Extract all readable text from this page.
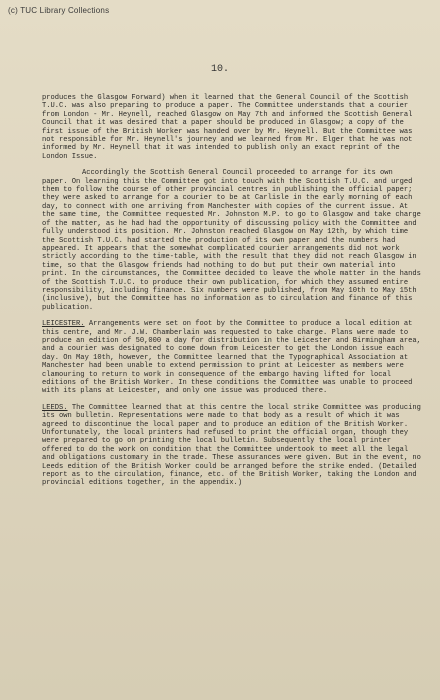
(c) TUC Library Collections
10.

produces the Glasgow Forward) when it learned that the General Council of the Scottish T.U.C. was also preparing to produce a paper. The Committee understands that a courier from London - Mr. Heynell, reached Glasgow on May 7th and informed the Scottish General Council that it was desired that a paper should be produced in Glasgow; a copy of the first issue of the British Worker was handed over by Mr. Heynell. But the Committee was not responsible for Mr. Heynell's journey and we learned from Mr. Elger that he was not informed by Mr. Heynell that it was intended to publish only an exact reprint of the London Issue.

Accordingly the Scottish General Council proceeded to arrange for its own paper. On learning this the Committee got into touch with the Scottish T.U.C. and urged them to follow the course of other provincial centres in publishing the official paper; they were asked to arrange for a courier to be at Carlisle in the early morning of each day, to connect with one arriving from Manchester with copies of the current issue. At the same time, the Committee requested Mr. Johnston M.P. to go to Glasgow and take charge of the matter, as he had had the opportunity of discussing policy with the Committee and fully understood its position. Mr. Johnston reached Glasgow on May 12th, by which time the Scottish T.U.C. had started the production of its own paper and the numbers had appeared. It appears that the somewhat complicated courier arrangements did not work strictly according to the time-table, with the result that they did not reach Glasgow in time, so that the Glasgow friends had nothing to do but put their own material into print. In the circumstances, the Committee decided to leave the whole matter in the hands of the Scottish T.U.C. to produce their own publication, for which they assumed entire responsibility, including finance. Six numbers were published, from May 10th to May 15th (inclusive), but the Committee has no information as to circulation and finance of this publication.

LEICESTER. Arrangements were set on foot by the Committee to produce a local edition at this centre, and Mr. J.W. Chamberlain was requested to take charge. Plans were made to produce an edition of 50,000 a day for distribution in the Leicester and Birmingham area, and a courier was designated to come down from Leicester to get the London issue each day. On May 10th, however, the Committee learned that the Typographical Association at Manchester had been unable to extend permission to print at Leicester as members were clamouring to return to work in consequence of the embargo having lifted for local editions of the British Worker. In these conditions the Committee was unable to proceed with its plans at Leicester, and only one issue was produced there.

LEEDS. The Committee learned that at this centre the local strike Committee was producing its own bulletin. Representations were made to that body as a result of which it was agreed to discontinue the local paper and to produce an edition of the British Worker. Unfortunately, the local printers had refused to print the official organ, though they were prepared to go on printing the local bulletin. Subsequently the local printer offered to do the work on condition that the Committee undertook to meet all the legal and obligations customary in the trade. These assurances were given. But in the event, no Leeds edition of the British Worker could be arranged before the strike ended. (Detailed report as to the circulation, finance, etc. of the British Worker, taking the London and provincial editions together, in the appendix.)
